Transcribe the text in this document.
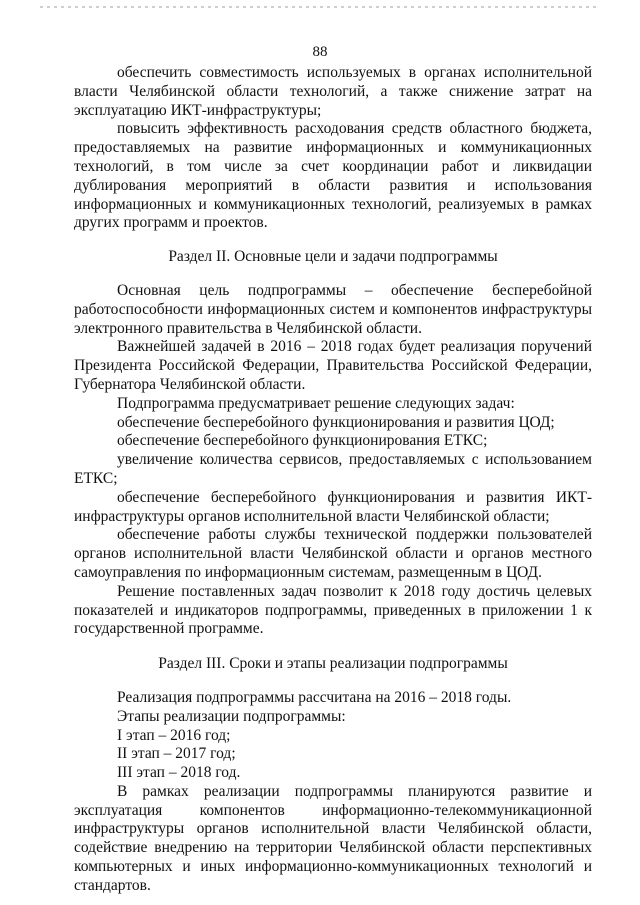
88

обеспечить совместимость используемых в органах исполнительной власти Челябинской области технологий, а также снижение затрат на эксплуатацию ИКТ-инфраструктуры;

повысить эффективность расходования средств областного бюджета, предоставляемых на развитие информационных и коммуникационных технологий, в том числе за счет координации работ и ликвидации дублирования мероприятий в области развития и использования информационных и коммуникационных технологий, реализуемых в рамках других программ и проектов.

Раздел II. Основные цели и задачи подпрограммы

Основная цель подпрограммы – обеспечение бесперебойной работоспособности информационных систем и компонентов инфраструктуры электронного правительства в Челябинской области.

Важнейшей задачей в 2016 – 2018 годах будет реализация поручений Президента Российской Федерации, Правительства Российской Федерации, Губернатора Челябинской области.

Подпрограмма предусматривает решение следующих задач:

обеспечение бесперебойного функционирования и развития ЦОД;

обеспечение бесперебойного функционирования ЕТКС;

увеличение количества сервисов, предоставляемых с использованием ЕТКС;

обеспечение бесперебойного функционирования и развития ИКТ-инфраструктуры органов исполнительной власти Челябинской области;

обеспечение работы службы технической поддержки пользователей органов исполнительной власти Челябинской области и органов местного самоуправления по информационным системам, размещенным в ЦОД.

Решение поставленных задач позволит к 2018 году достичь целевых показателей и индикаторов подпрограммы, приведенных в приложении 1 к государственной программе.

Раздел III. Сроки и этапы реализации подпрограммы

Реализация подпрограммы рассчитана на 2016 – 2018 годы.

Этапы реализации подпрограммы:

I этап – 2016 год;

II этап – 2017 год;

III этап – 2018 год.

В рамках реализации подпрограммы планируются развитие и эксплуатация компонентов информационно-телекоммуникационной инфраструктуры органов исполнительной власти Челябинской области, содействие внедрению на территории Челябинской области перспективных компьютерных и иных информационно-коммуникационных технологий и стандартов.
